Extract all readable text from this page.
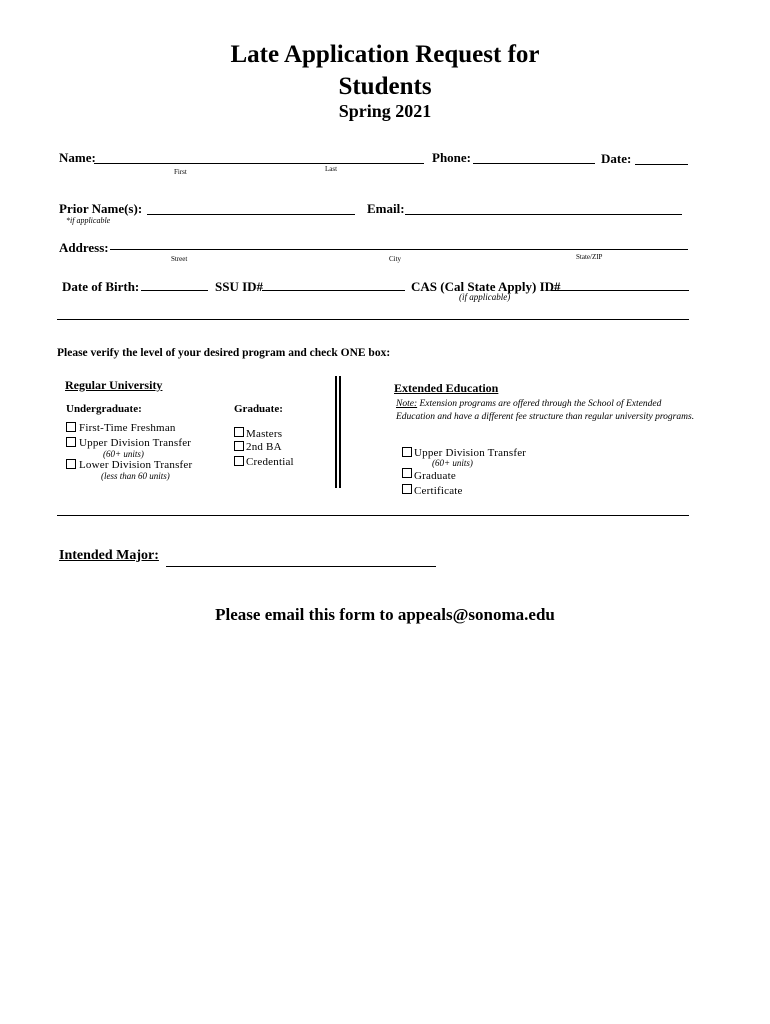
Late Application Request for
Students
Spring 2021
Name:
First	Last
Phone:	Date:
Prior Name(s):
*if applicable
Email:
Address:
Street	City	State/ZIP
Date of Birth:	SSU ID#	CAS (Cal State Apply) ID#
(if applicable)
Please verify the level of your desired program and check ONE box:
Regular University
Undergraduate:
First-Time Freshman
Upper Division Transfer
(60+ units)
Lower Division Transfer
(less than 60 units)
Graduate:
Masters
2nd BA
Credential
Extended Education
Note: Extension programs are offered through the School of Extended Education and have a different fee structure than regular university programs.
Upper Division Transfer
(60+ units)
Graduate
Certificate
Intended Major:
Please email this form to appeals@sonoma.edu
